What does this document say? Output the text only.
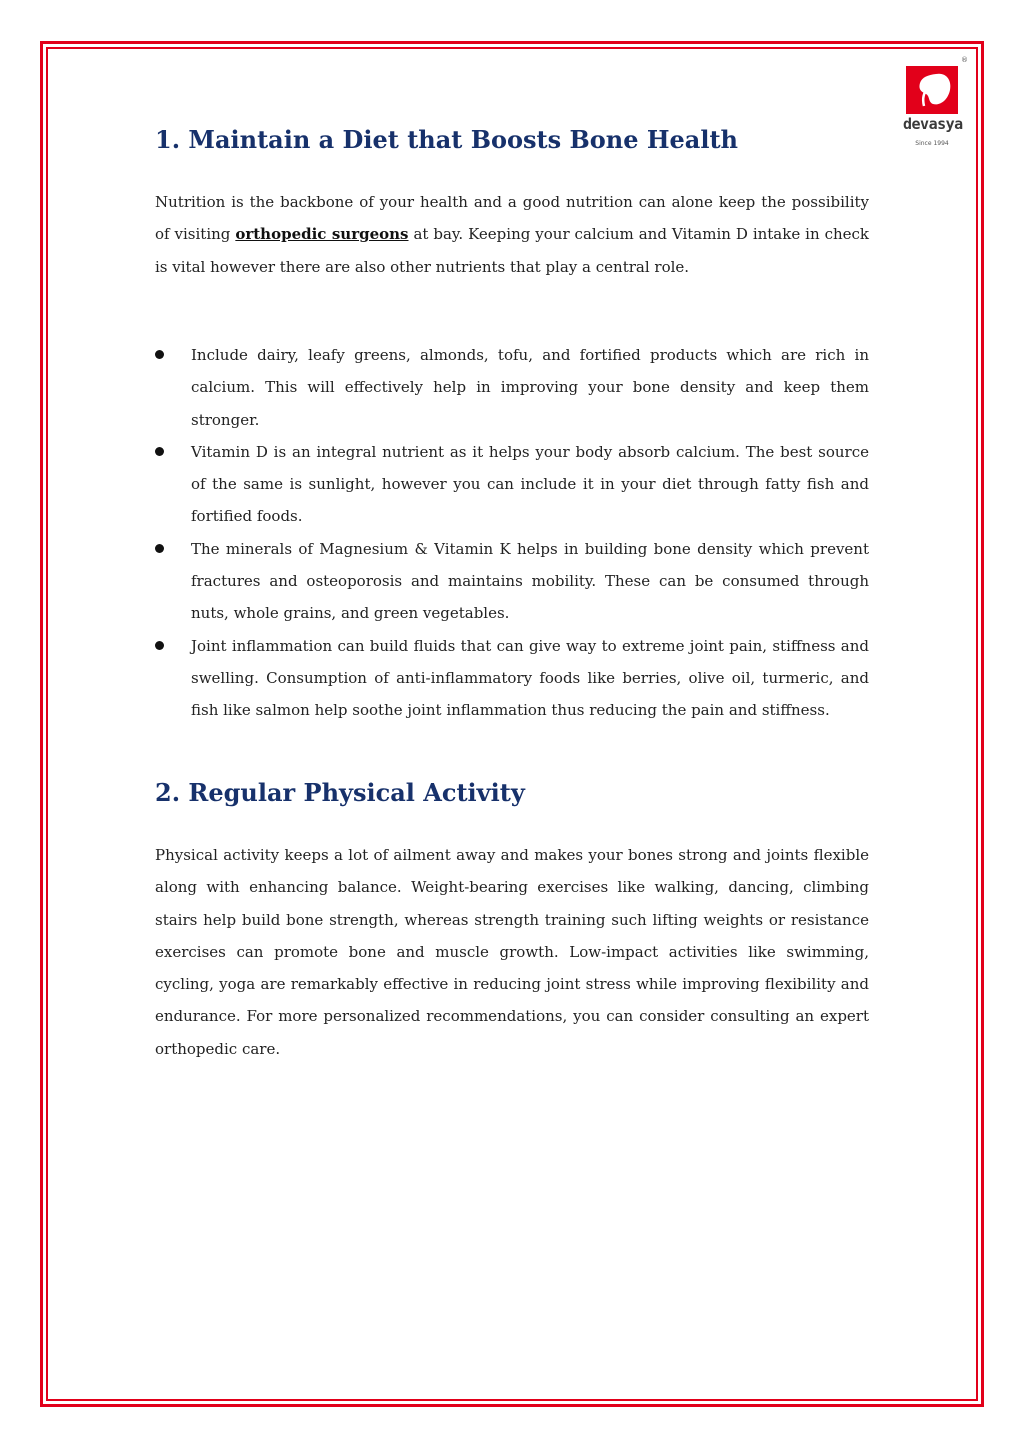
®
devasya
Since 1994
1. Maintain a Diet that Boosts Bone Health

Nutrition is the backbone of your health and a good nutrition can alone keep the possibility of visiting orthopedic surgeons at bay. Keeping your calcium and Vitamin D intake in check is vital however there are also other nutrients that play a central role.

Include dairy, leafy greens, almonds, tofu, and fortified products which are rich in calcium. This will effectively help in improving your bone density and keep them stronger.
Vitamin D is an integral nutrient as it helps your body absorb calcium. The best source of the same is sunlight, however you can include it in your diet through fatty fish and fortified foods.
The minerals of Magnesium & Vitamin K helps in building bone density which prevent fractures and osteoporosis and maintains mobility. These can be consumed through nuts, whole grains, and green vegetables.
Joint inflammation can build fluids that can give way to extreme joint pain, stiffness and swelling. Consumption of anti-inflammatory foods like berries, olive oil, turmeric, and fish like salmon help soothe joint inflammation thus reducing the pain and stiffness.
2. Regular Physical Activity

Physical activity keeps a lot of ailment away and makes your bones strong and joints flexible along with enhancing balance. Weight-bearing exercises like walking, dancing, climbing stairs help build bone strength, whereas strength training such lifting weights or resistance exercises can promote bone and muscle growth. Low-impact activities like swimming, cycling, yoga are remarkably effective in reducing joint stress while improving flexibility and endurance. For more personalized recommendations, you can consider consulting an expert orthopedic care.
